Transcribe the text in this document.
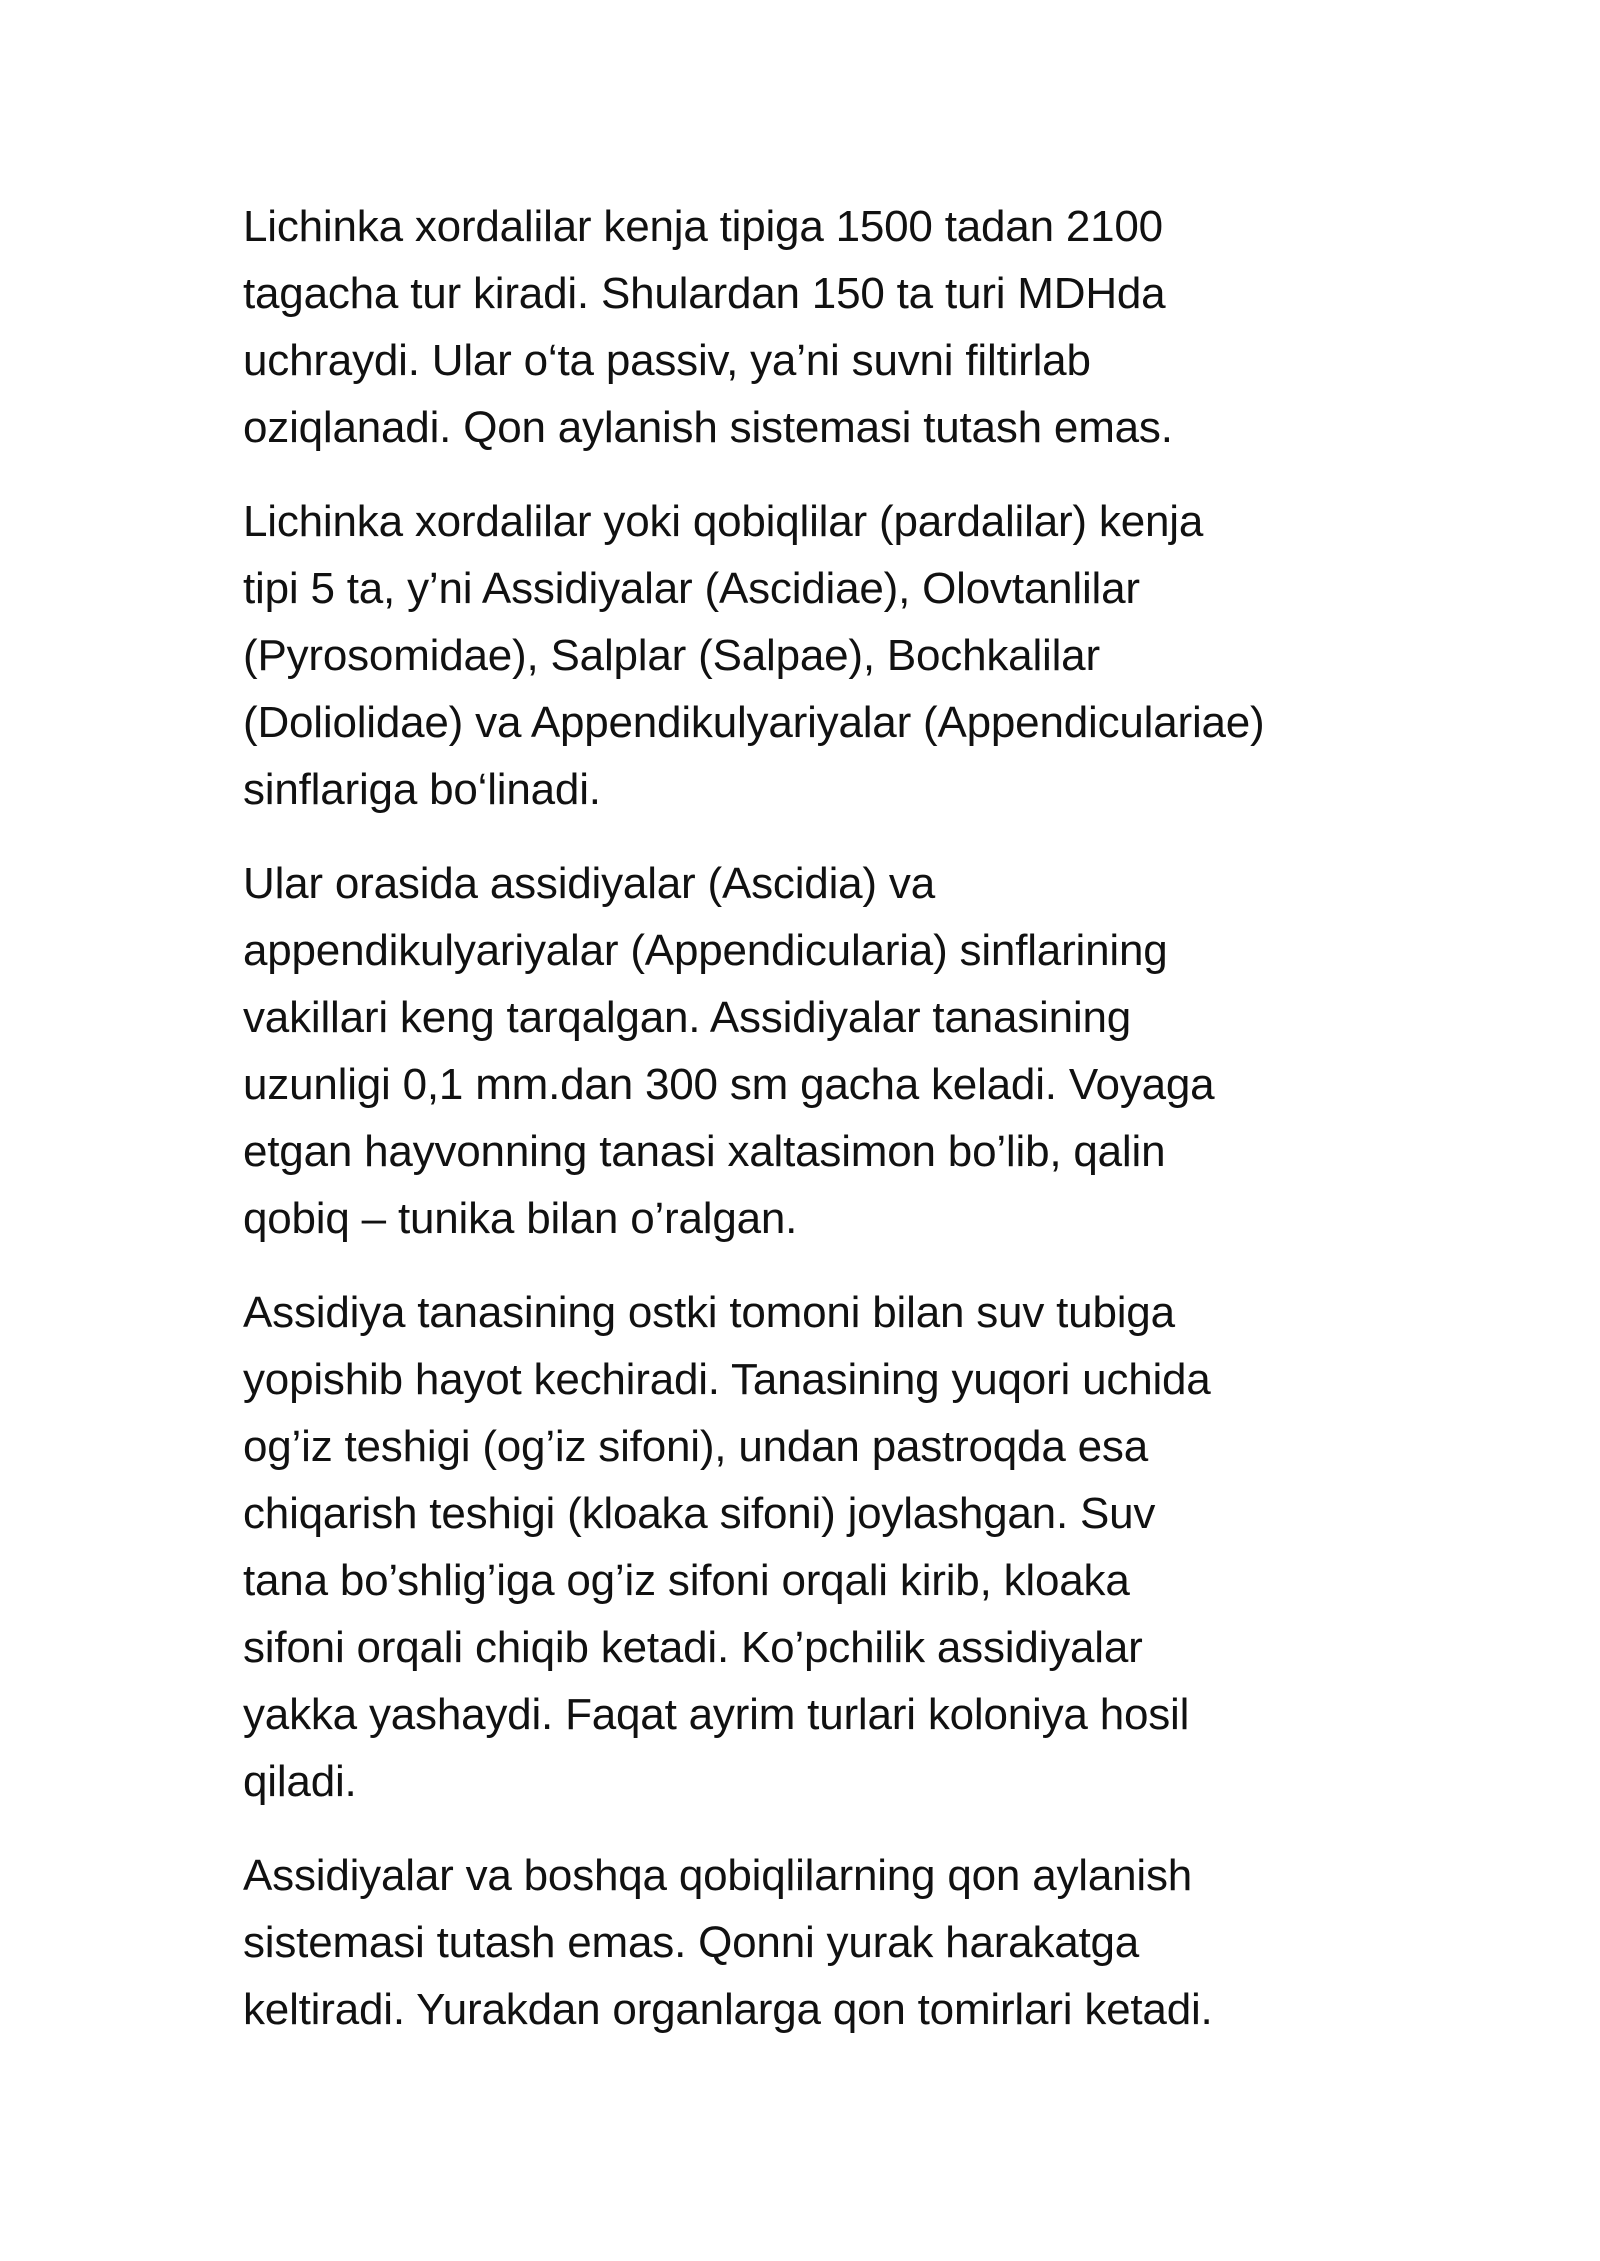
Lichinka xordalilar kenja tipiga 1500 tadan 2100
tagacha tur kiradi. Shulardan 150 ta turi MDHda
uchraydi. Ular o‘ta passiv, ya’ni suvni filtirlab
oziqlanadi. Qon aylanish sistemasi tutash emas.

Lichinka xordalilar yoki qobiqlilar (pardalilar) kenja
tipi 5 ta, y’ni Assidiyalar (Ascidiae), Olovtanlilar
(Pyrosomidae), Salplar (Salpae), Bochkalilar
(Doliolidae) va Appendikulyariyalar (Appendiculariae)
sinflariga bo‘linadi.

Ular orasida assidiyalar (Ascidia) va
appendikulyariyalar (Appendicularia) sinflarining
vakillari keng tarqalgan. Assidiyalar tanasining
uzunligi 0,1 mm.dan 300 sm gacha keladi. Voyaga
etgan hayvonning tanasi xaltasimon bo’lib, qalin
qobiq – tunika bilan o’ralgan.

Assidiya tanasining ostki tomoni bilan suv tubiga
yopishib hayot kechiradi. Tanasining yuqori uchida
og’iz teshigi (og’iz sifoni), undan pastroqda esa
chiqarish teshigi (kloaka sifoni) joylashgan. Suv
tana bo’shlig’iga og’iz sifoni orqali kirib, kloaka
sifoni orqali chiqib ketadi. Ko’pchilik assidiyalar
yakka yashaydi. Faqat ayrim turlari koloniya hosil
qiladi.

Assidiyalar va boshqa qobiqlilarning qon aylanish
sistemasi tutash emas. Qonni yurak harakatga
keltiradi. Yurakdan organlarga qon tomirlari ketadi.
